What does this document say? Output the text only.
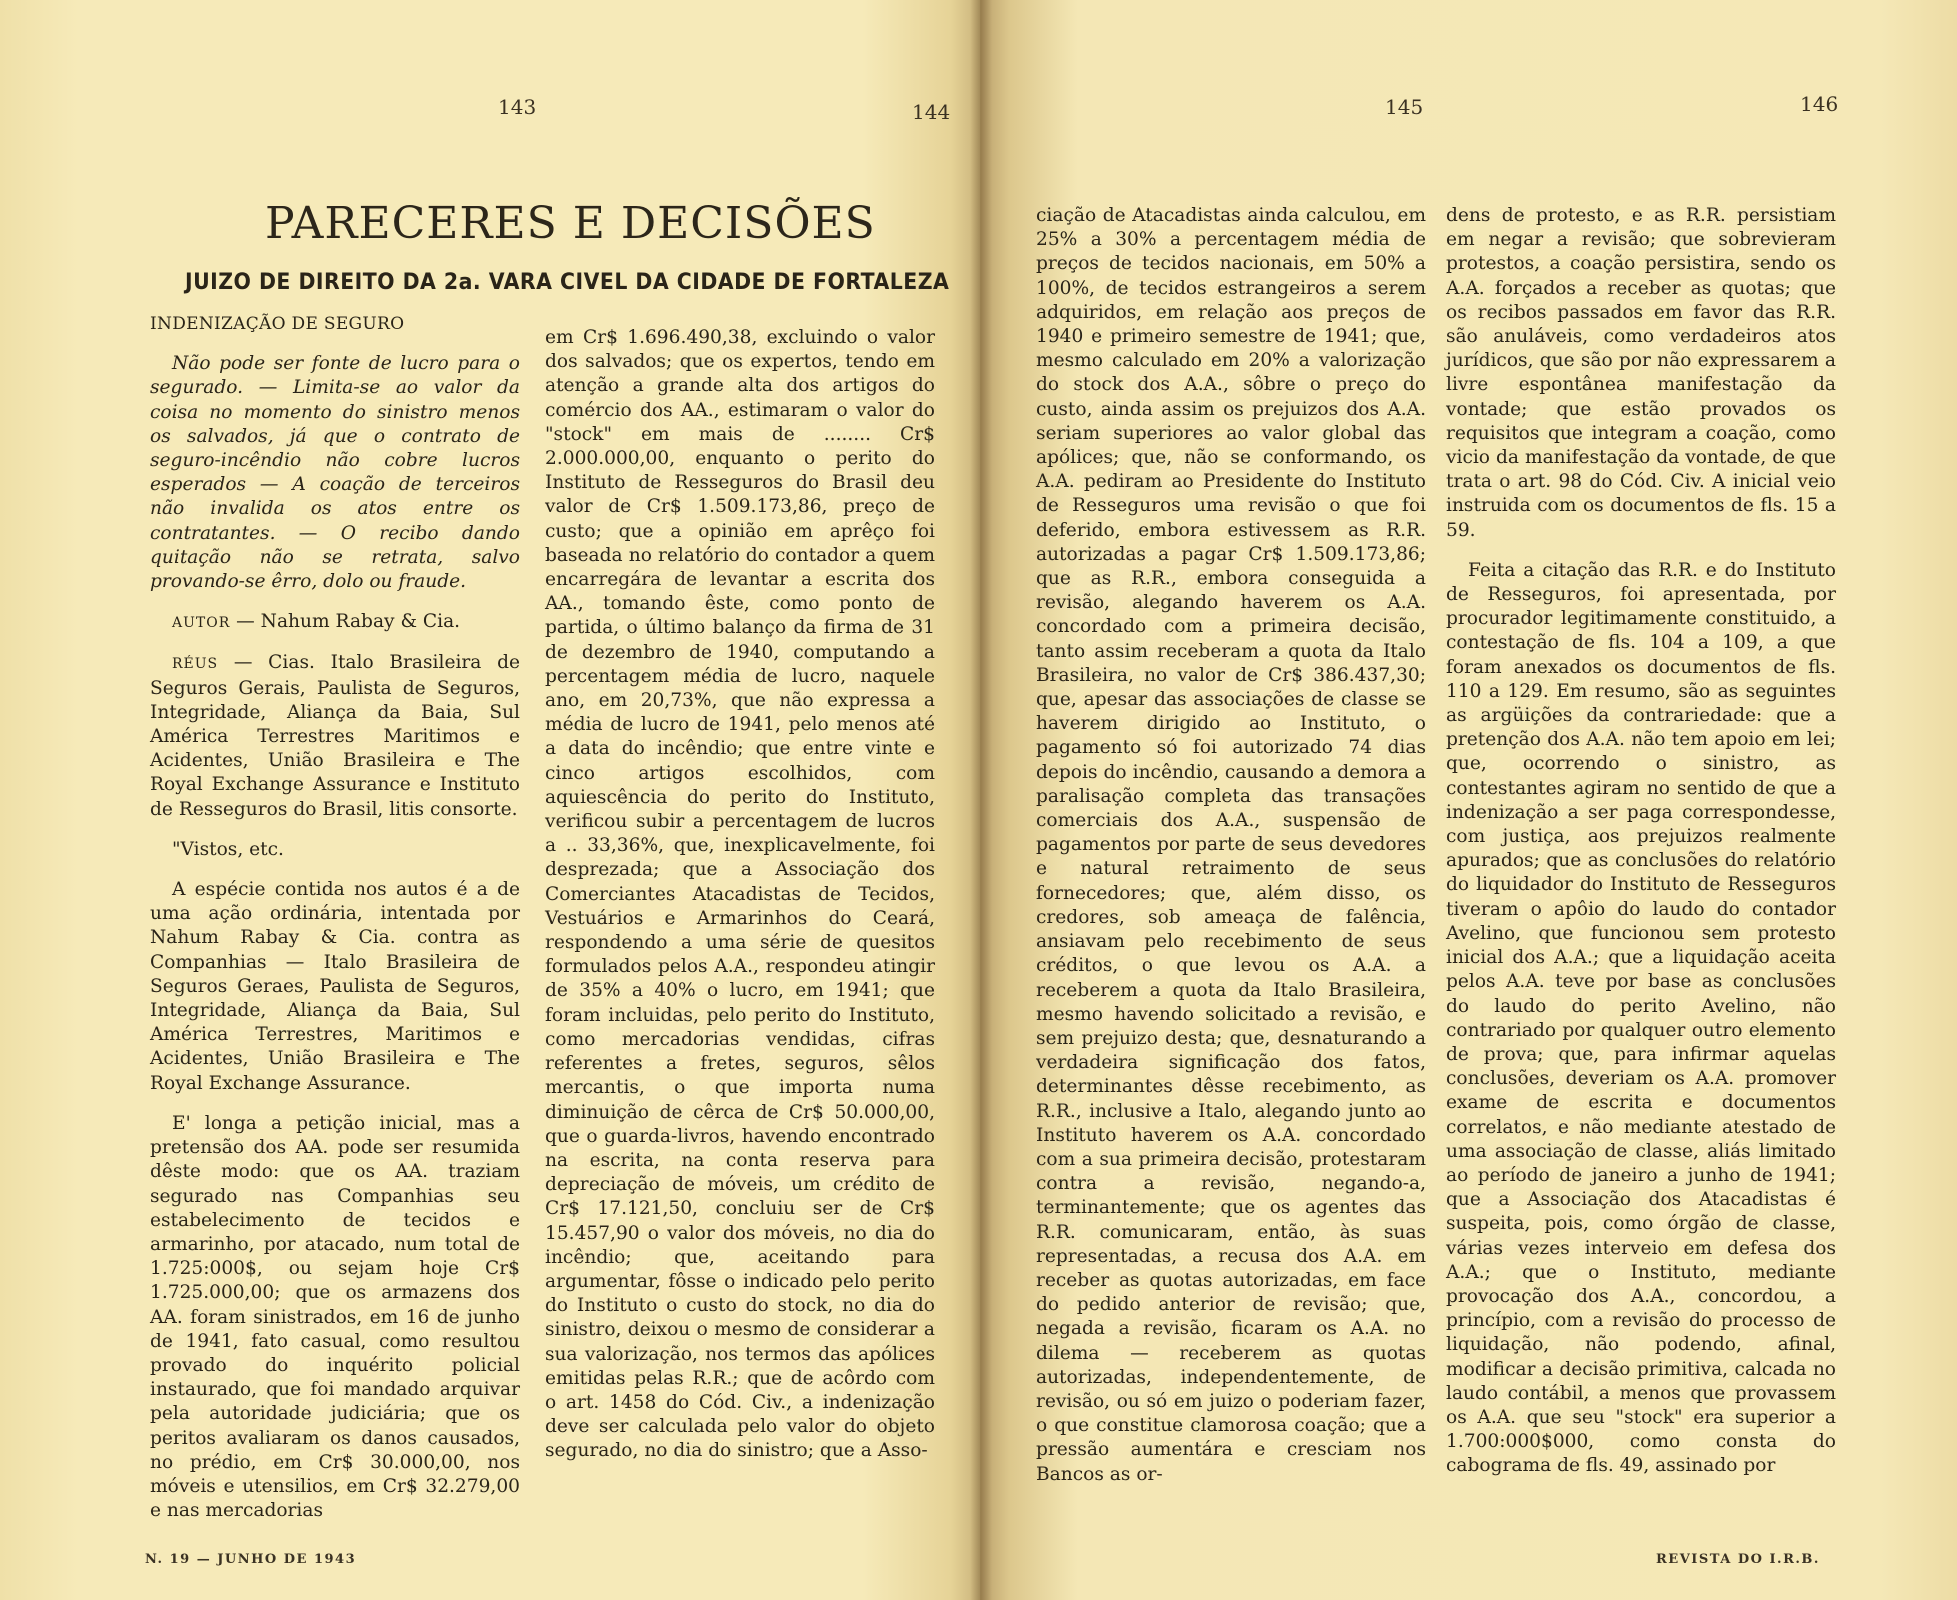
143	144	145	146
PARECERES E DECISÕES
JUIZO DE DIREITO DA 2a. VARA CIVEL DA CIDADE DE FORTALEZA

INDENIZAÇÃO DE SEGURO

Não pode ser fonte de lucro para o segurado. — Limita-se ao valor da coisa no momento do sinistro menos os salvados, já que o contrato de seguro-incêndio não cobre lucros esperados — A coação de terceiros não invalida os atos entre os contratantes. — O recibo dando quitação não se retrata, salvo provando-se êrro, dolo ou fraude.

AUTOR — Nahum Rabay & Cia.

RÉUS — Cias. Italo Brasileira de Seguros Gerais, Paulista de Seguros, Integridade, Aliança da Baia, Sul América Terrestres Maritimos e Acidentes, União Brasileira e The Royal Exchange Assurance e Instituto de Resseguros do Brasil, litis consorte.

"Vistos, etc.

A espécie contida nos autos é a de uma ação ordinária, intentada por Nahum Rabay & Cia. contra as Companhias — Italo Brasileira de Seguros Geraes, Paulista de Seguros, Integridade, Aliança da Baia, Sul América Terrestres, Maritimos e Acidentes, União Brasileira e The Royal Exchange Assurance.

E' longa a petição inicial, mas a pretensão dos AA. pode ser resumida dêste modo: que os AA. traziam segurado nas Companhias seu estabelecimento de tecidos e armarinho, por atacado, num total de 1.725:000$, ou sejam hoje Cr$ 1.725.000,00; que os armazens dos AA. foram sinistrados, em 16 de junho de 1941, fato casual, como resultou provado do inquérito policial instaurado, que foi mandado arquivar pela autoridade judiciária; que os peritos avaliaram os danos causados, no prédio, em Cr$ 30.000,00, nos móveis e utensilios, em Cr$ 32.279,00 e nas mercadorias

em Cr$ 1.696.490,38, excluindo o valor dos salvados; que os expertos, tendo em atenção a grande alta dos artigos do comércio dos AA., estimaram o valor do "stock" em mais de ........ Cr$ 2.000.000,00, enquanto o perito do Instituto de Resseguros do Brasil deu valor de Cr$ 1.509.173,86, preço de custo; que a opinião em aprêço foi baseada no relatório do contador a quem encarregára de levantar a escrita dos AA., tomando êste, como ponto de partida, o último balanço da firma de 31 de dezembro de 1940, computando a percentagem média de lucro, naquele ano, em 20,73%, que não expressa a média de lucro de 1941, pelo menos até a data do incêndio; que entre vinte e cinco artigos escolhidos, com aquiescência do perito do Instituto, verificou subir a percentagem de lucros a .. 33,36%, que, inexplicavelmente, foi desprezada; que a Associação dos Comerciantes Atacadistas de Tecidos, Vestuários e Armarinhos do Ceará, respondendo a uma série de quesitos formulados pelos A.A., respondeu atingir de 35% a 40% o lucro, em 1941; que foram incluidas, pelo perito do Instituto, como mercadorias vendidas, cifras referentes a fretes, seguros, sêlos mercantis, o que importa numa diminuição de cêrca de Cr$ 50.000,00, que o guarda-livros, havendo encontrado na escrita, na conta reserva para depreciação de móveis, um crédito de Cr$ 17.121,50, concluiu ser de Cr$ 15.457,90 o valor dos móveis, no dia do incêndio; que, aceitando para argumentar, fôsse o indicado pelo perito do Instituto o custo do stock, no dia do sinistro, deixou o mesmo de considerar a sua valorização, nos termos das apólices emitidas pelas R.R.; que de acôrdo com o art. 1458 do Cód. Civ., a indenização deve ser calculada pelo valor do objeto segurado, no dia do sinistro; que a Asso-

ciação de Atacadistas ainda calculou, em 25% a 30% a percentagem média de preços de tecidos nacionais, em 50% a 100%, de tecidos estrangeiros a serem adquiridos, em relação aos preços de 1940 e primeiro semestre de 1941; que, mesmo calculado em 20% a valorização do stock dos A.A., sôbre o preço do custo, ainda assim os prejuizos dos A.A. seriam superiores ao valor global das apólices; que, não se conformando, os A.A. pediram ao Presidente do Instituto de Resseguros uma revisão o que foi deferido, embora estivessem as R.R. autorizadas a pagar Cr$ 1.509.173,86; que as R.R., embora conseguida a revisão, alegando haverem os A.A. concordado com a primeira decisão, tanto assim receberam a quota da Italo Brasileira, no valor de Cr$ 386.437,30; que, apesar das associações de classe se haverem dirigido ao Instituto, o pagamento só foi autorizado 74 dias depois do incêndio, causando a demora a paralisação completa das transações comerciais dos A.A., suspensão de pagamentos por parte de seus devedores e natural retraimento de seus fornecedores; que, além disso, os credores, sob ameaça de falência, ansiavam pelo recebimento de seus créditos, o que levou os A.A. a receberem a quota da Italo Brasileira, mesmo havendo solicitado a revisão, e sem prejuizo desta; que, desnaturando a verdadeira significação dos fatos, determinantes dêsse recebimento, as R.R., inclusive a Italo, alegando junto ao Instituto haverem os A.A. concordado com a sua primeira decisão, protestaram contra a revisão, negando-a, terminantemente; que os agentes das R.R. comunicaram, então, às suas representadas, a recusa dos A.A. em receber as quotas autorizadas, em face do pedido anterior de revisão; que, negada a revisão, ficaram os A.A. no dilema — receberem as quotas autorizadas, independentemente, de revisão, ou só em juizo o poderiam fazer, o que constitue clamorosa coação; que a pressão aumentára e cresciam nos Bancos as or-

dens de protesto, e as R.R. persistiam em negar a revisão; que sobrevieram protestos, a coação persistira, sendo os A.A. forçados a receber as quotas; que os recibos passados em favor das R.R. são anuláveis, como verdadeiros atos jurídicos, que são por não expressarem a livre espontânea manifestação da vontade; que estão provados os requisitos que integram a coação, como vicio da manifestação da vontade, de que trata o art. 98 do Cód. Civ. A inicial veio instruida com os documentos de fls. 15 a 59.

Feita a citação das R.R. e do Instituto de Resseguros, foi apresentada, por procurador legitimamente constituido, a contestação de fls. 104 a 109, a que foram anexados os documentos de fls. 110 a 129. Em resumo, são as seguintes as argüições da contrariedade: que a pretenção dos A.A. não tem apoio em lei; que, ocorrendo o sinistro, as contestantes agiram no sentido de que a indenização a ser paga correspondesse, com justiça, aos prejuizos realmente apurados; que as conclusões do relatório do liquidador do Instituto de Resseguros tiveram o apôio do laudo do contador Avelino, que funcionou sem protesto inicial dos A.A.; que a liquidação aceita pelos A.A. teve por base as conclusões do laudo do perito Avelino, não contrariado por qualquer outro elemento de prova; que, para infirmar aquelas conclusões, deveriam os A.A. promover exame de escrita e documentos correlatos, e não mediante atestado de uma associação de classe, aliás limitado ao período de janeiro a junho de 1941; que a Associação dos Atacadistas é suspeita, pois, como órgão de classe, várias vezes interveio em defesa dos A.A.; que o Instituto, mediante provocação dos A.A., concordou, a princípio, com a revisão do processo de liquidação, não podendo, afinal, modificar a decisão primitiva, calcada no laudo contábil, a menos que provassem os A.A. que seu "stock" era superior a 1.700:000$000, como consta do cabograma de fls. 49, assinado por

N. 19 — JUNHO DE 1943	REVISTA DO I.R.B.
